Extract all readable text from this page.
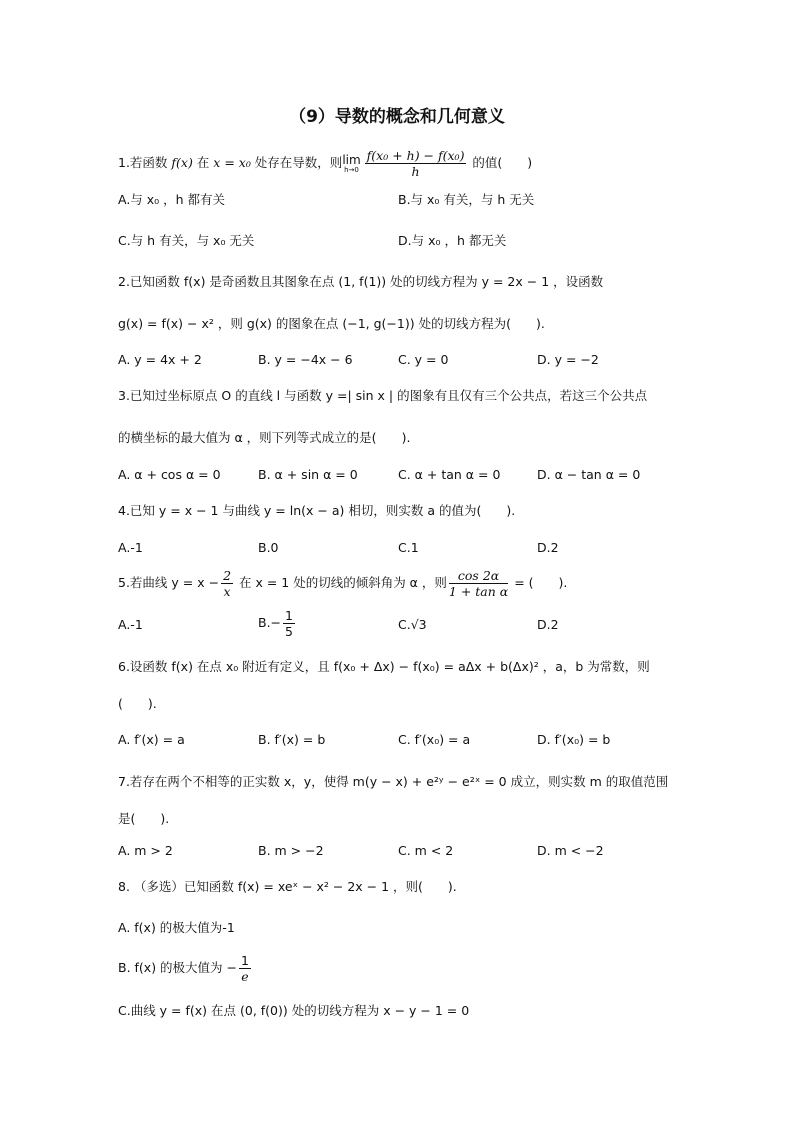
（9）导数的概念和几何意义
1.若函数 f(x) 在 x = x₀ 处存在导数，则lim
$h\to 0 \frac{\text{f(x₀ + h) − f(x₀)}}{h}$ 的值(　　)
A.与 x₀ ，h 都有关	B.与 x₀ 有关，与 h 无关
C.与 h 有关，与 x₀ 无关	D.与 x₀ ，h 都无关
2.已知函数 f(x) 是奇函数且其图象在点 (1, f(1)) 处的切线方程为 y = 2x − 1 ，设函数
g(x) = f(x) − x² ，则 g(x) 的图象在点 (−1, g(−1)) 处的切线方程为(　　).
A. y = 4x + 2	B. y = −4x − 6	C. y = 0	D. y = −2
3.已知过坐标原点 O 的直线 l 与函数 y =| sin x | 的图象有且仅有三个公共点，若这三个公共点
的横坐标的最大值为 α ，则下列等式成立的是(　　).
A. α + cos α = 0	B. α + sin α = 0	C. α + tan α = 0	D. α − tan α = 0
4.已知 y = x − 1 与曲线 y = ln(x − a) 相切，则实数 a 的值为(　　).
A.-1	B.0	C.1	D.2
5.若曲线 $y = x - \frac{2}{x}$ 在 x = 1 处的切线的倾斜角为 α ，则 $\frac{\cos 2\alpha}{\text{1 + tan α}}$ = (　　).
A.-1	$B.- \frac{1}{5}$	C.√3	D.2
6.设函数 f(x) 在点 x₀ 附近有定义，且 f(x₀ + Δx) − f(x₀) = aΔx + b(Δx)² ，a，b 为常数，则
(　　).
A. f′(x) = a	B. f′(x) = b	C. f′(x₀) = a	D. f′(x₀) = b
7.若存在两个不相等的正实数 x，y，使得 m(y − x) + e²ʸ − e²ˣ = 0 成立，则实数 m 的取值范围
是(　　).
A. m > 2	B. m > −2	C. m < 2	D. m < −2
8. （多选）已知函数 f(x) = xeˣ − x² − 2x − 1 ，则(　　).
A. f(x) 的极大值为-1
B. f(x) 的极大值为 − $\frac{1}{e}$
C.曲线 y = f(x) 在点 (0, f(0)) 处的切线方程为 x − y − 1 = 0
